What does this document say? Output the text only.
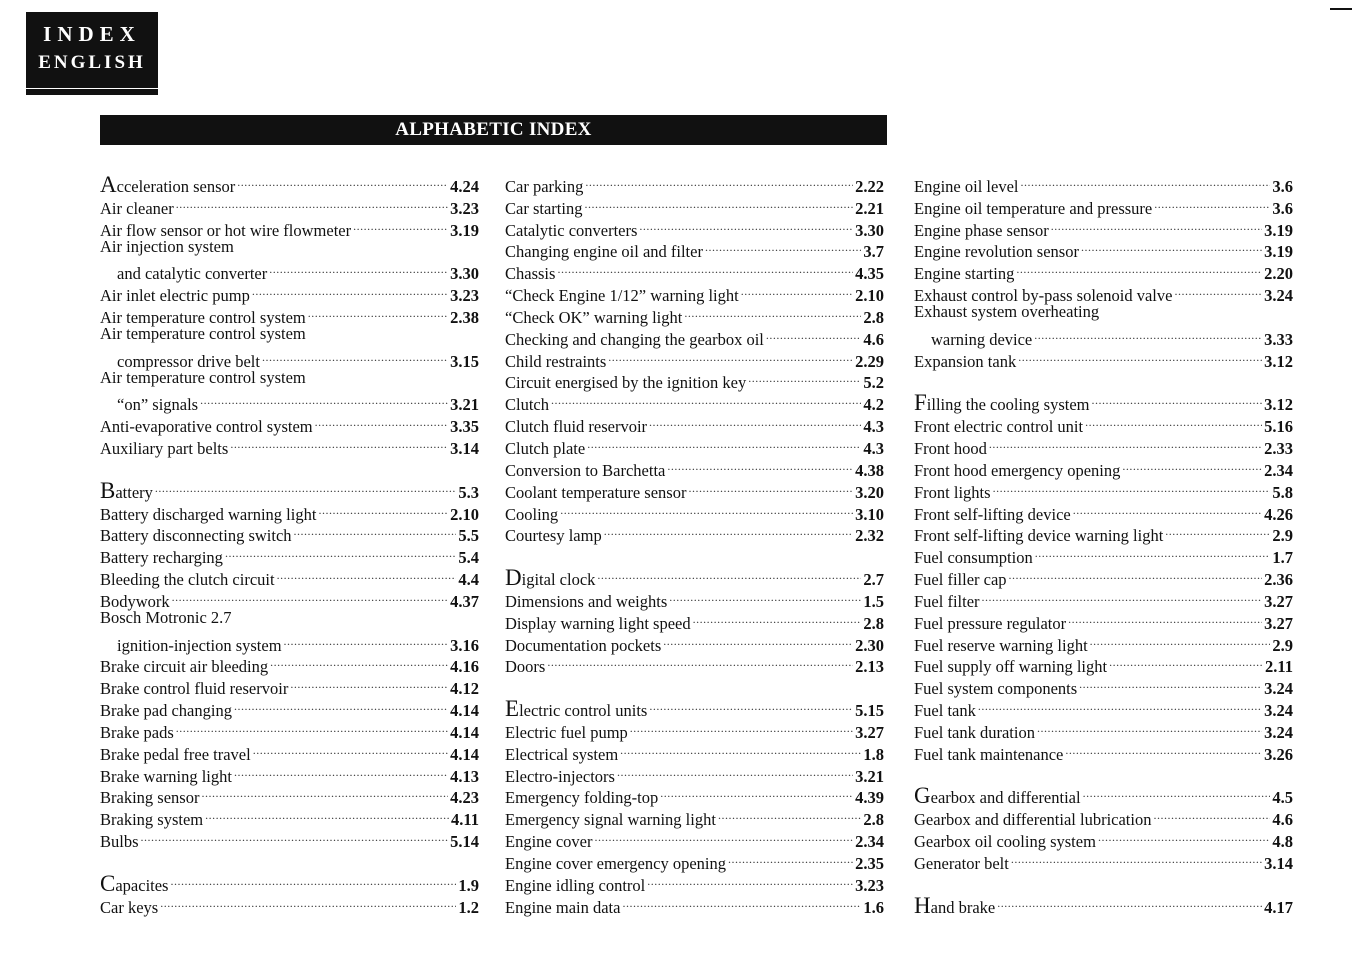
INDEX
ENGLISH
ALPHABETIC INDEX
Acceleration sensor .....	4.24
Air cleaner .....	3.23
Air flow sensor or hot wire flowmeter .....	3.19
Air injection system
and catalytic converter .....	3.30
Air inlet electric pump .....	3.23
Air temperature control system .....	2.38
Air temperature control system
compressor drive belt .....	3.15
Air temperature control system
“on” signals .....	3.21
Anti-evaporative control system .....	3.35
Auxiliary part belts .....	3.14
Battery .....	5.3
Battery discharged warning light .....	2.10
Battery disconnecting switch .....	5.5
Battery recharging .....	5.4
Bleeding the clutch circuit .....	4.4
Bodywork .....	4.37
Bosch Motronic 2.7
ignition-injection system .....	3.16
Brake circuit air bleeding .....	4.16
Brake control fluid reservoir .....	4.12
Brake pad changing .....	4.14
Brake pads .....	4.14
Brake pedal free travel .....	4.14
Brake warning light .....	4.13
Braking sensor .....	4.23
Braking system .....	4.11
Bulbs .....	5.14
Capacites .....	1.9
Car keys .....	1.2
Car parking .....	2.22
Car starting .....	2.21
Catalytic converters .....	3.30
Changing engine oil and filter .....	3.7
Chassis .....	4.35
“Check Engine 1/12” warning light .....	2.10
“Check OK” warning light .....	2.8
Checking and changing the gearbox oil .....	4.6
Child restraints .....	2.29
Circuit energised by the ignition key .....	5.2
Clutch .....	4.2
Clutch fluid reservoir .....	4.3
Clutch plate .....	4.3
Conversion to Barchetta .....	4.38
Coolant temperature sensor .....	3.20
Cooling .....	3.10
Courtesy lamp .....	2.32
Digital clock .....	2.7
Dimensions and weights .....	1.5
Display warning light speed .....	2.8
Documentation pockets .....	2.30
Doors .....	2.13
Electric control units .....	5.15
Electric fuel pump .....	3.27
Electrical system .....	1.8
Electro-injectors .....	3.21
Emergency folding-top .....	4.39
Emergency signal warning light .....	2.8
Engine cover .....	2.34
Engine cover emergency opening .....	2.35
Engine idling control .....	3.23
Engine main data .....	1.6
Engine oil level .....	3.6
Engine oil temperature and pressure .....	3.6
Engine phase sensor .....	3.19
Engine revolution sensor .....	3.19
Engine starting .....	2.20
Exhaust control by-pass solenoid valve .....	3.24
Exhaust system overheating
warning device .....	3.33
Expansion tank .....	3.12
Filling the cooling system .....	3.12
Front electric control unit .....	5.16
Front hood .....	2.33
Front hood emergency opening .....	2.34
Front lights .....	5.8
Front self-lifting device .....	4.26
Front self-lifting device warning light .....	2.9
Fuel consumption .....	1.7
Fuel filler cap .....	2.36
Fuel filter .....	3.27
Fuel pressure regulator .....	3.27
Fuel reserve warning light .....	2.9
Fuel supply off warning light .....	2.11
Fuel system components .....	3.24
Fuel tank .....	3.24
Fuel tank duration .....	3.24
Fuel tank maintenance .....	3.26
Gearbox and differential .....	4.5
Gearbox and differential lubrication .....	4.6
Gearbox oil cooling system .....	4.8
Generator belt .....	3.14
Hand brake .....	4.17
